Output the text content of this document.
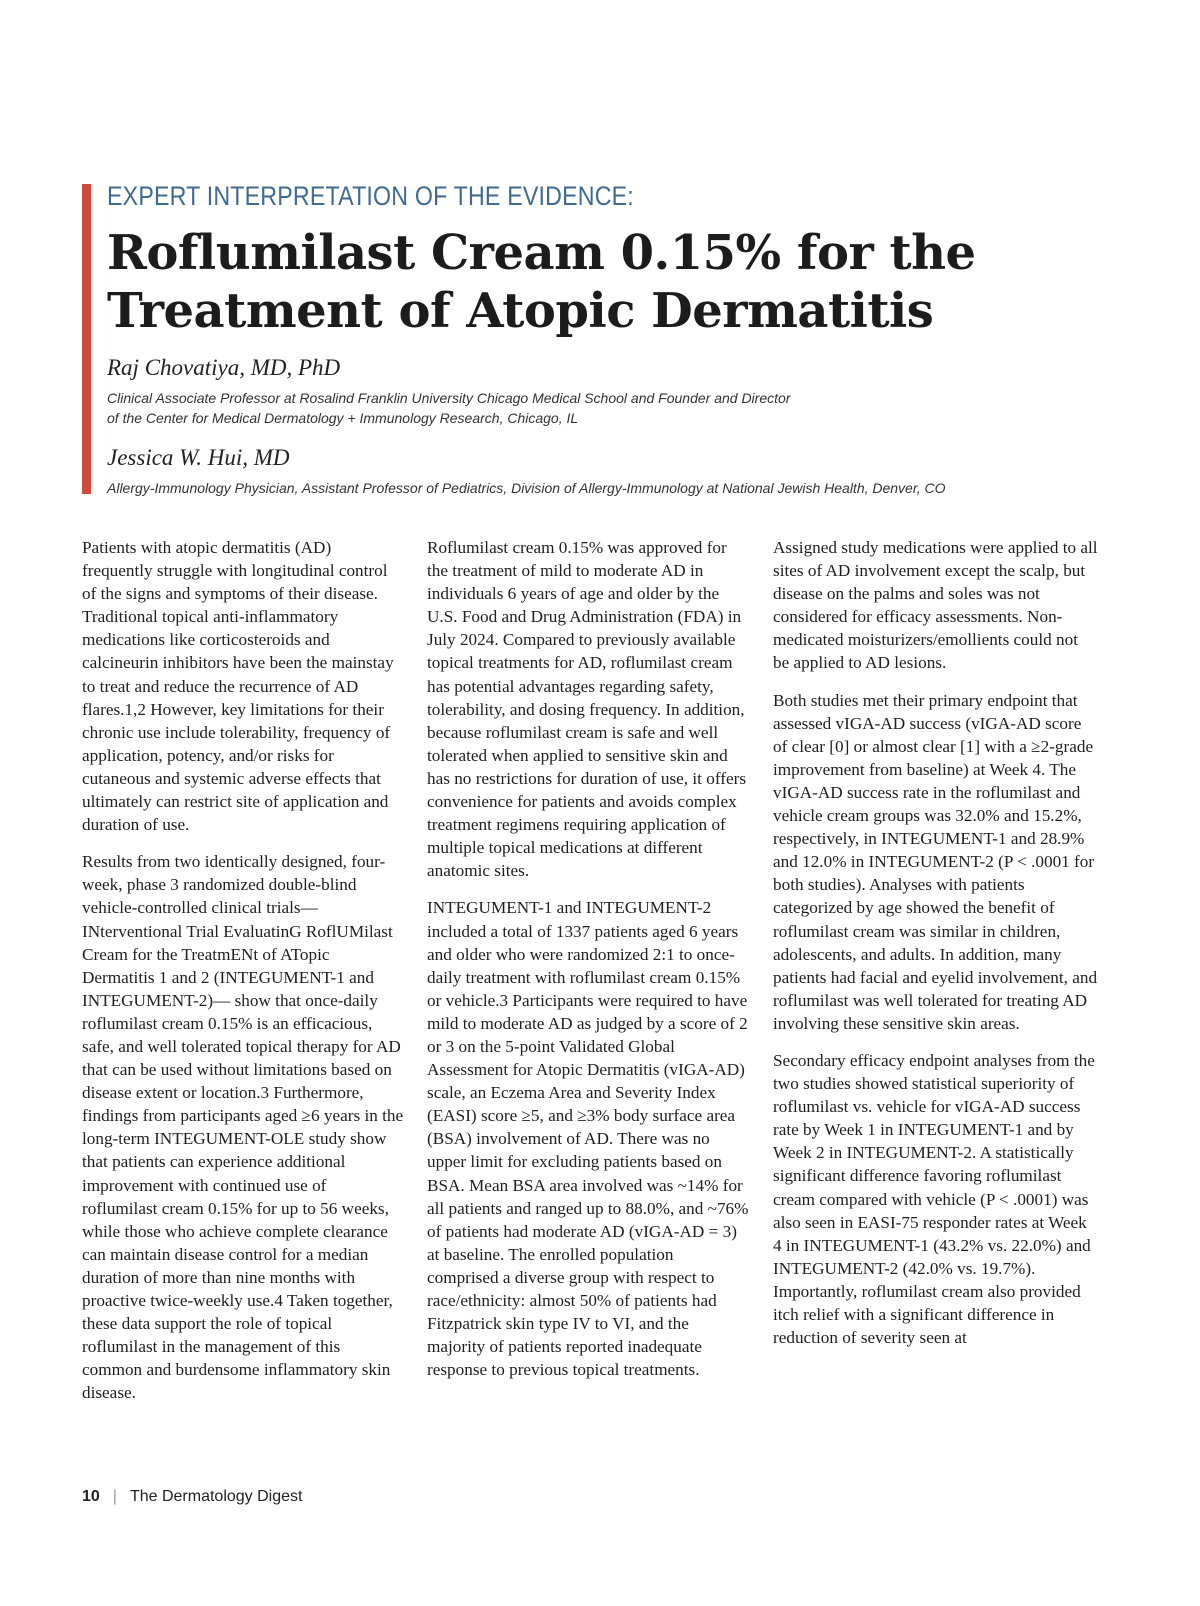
EXPERT INTERPRETATION OF THE EVIDENCE:
Roflumilast Cream 0.15% for the
Treatment of Atopic Dermatitis
Raj Chovatiya, MD, PhD
Clinical Associate Professor at Rosalind Franklin University Chicago Medical School and Founder and Director
of the Center for Medical Dermatology + Immunology Research, Chicago, IL
Jessica W. Hui, MD
Allergy-Immunology Physician, Assistant Professor of Pediatrics, Division of Allergy-Immunology at National Jewish Health, Denver, CO

Patients with atopic dermatitis (AD) frequently struggle with longitudinal control of the signs and symptoms of their disease. Traditional topical anti-inflammatory medications like corticosteroids and calcineurin inhibitors have been the mainstay to treat and reduce the recurrence of AD flares.1,2 However, key limitations for their chronic use include tolerability, frequency of application, potency, and/or risks for cutaneous and systemic adverse effects that ultimately can restrict site of application and duration of use.

Results from two identically designed, four-week, phase 3 randomized double-blind vehicle-controlled clinical trials—INterventional Trial EvaluatinG RoflUMilast Cream for the TreatmENt of ATopic Dermatitis 1 and 2 (INTEGUMENT-1 and INTEGUMENT-2)— show that once-daily roflumilast cream 0.15% is an efficacious, safe, and well tolerated topical therapy for AD that can be used without limitations based on disease extent or location.3 Furthermore, findings from participants aged ≥6 years in the long-term INTEGUMENT-OLE study show that patients can experience additional improvement with continued use of roflumilast cream 0.15% for up to 56 weeks, while those who achieve complete clearance can maintain disease control for a median duration of more than nine months with proactive twice-weekly use.4 Taken together, these data support the role of topical roflumilast in the management of this common and burdensome inflammatory skin disease.

Roflumilast cream 0.15% was approved for the treatment of mild to moderate AD in individuals 6 years of age and older by the U.S. Food and Drug Administration (FDA) in July 2024. Compared to previously available topical treatments for AD, roflumilast cream has potential advantages regarding safety, tolerability, and dosing frequency. In addition, because roflumilast cream is safe and well tolerated when applied to sensitive skin and has no restrictions for duration of use, it offers convenience for patients and avoids complex treatment regimens requiring application of multiple topical medications at different anatomic sites.

INTEGUMENT-1 and INTEGUMENT-2 included a total of 1337 patients aged 6 years and older who were randomized 2:1 to once-daily treatment with roflumilast cream 0.15% or vehicle.3 Participants were required to have mild to moderate AD as judged by a score of 2 or 3 on the 5-point Validated Global Assessment for Atopic Dermatitis (vIGA-AD) scale, an Eczema Area and Severity Index (EASI) score ≥5, and ≥3% body surface area (BSA) involvement of AD. There was no upper limit for excluding patients based on BSA. Mean BSA area involved was ~14% for all patients and ranged up to 88.0%, and ~76% of patients had moderate AD (vIGA-AD = 3) at baseline. The enrolled population comprised a diverse group with respect to race/ethnicity: almost 50% of patients had Fitzpatrick skin type IV to VI, and the majority of patients reported inadequate response to previous topical treatments.

Assigned study medications were applied to all sites of AD involvement except the scalp, but disease on the palms and soles was not considered for efficacy assessments. Non-medicated moisturizers/emollients could not be applied to AD lesions.

Both studies met their primary endpoint that assessed vIGA-AD success (vIGA-AD score of clear [0] or almost clear [1] with a ≥2-grade improvement from baseline) at Week 4. The vIGA-AD success rate in the roflumilast and vehicle cream groups was 32.0% and 15.2%, respectively, in INTEGUMENT-1 and 28.9% and 12.0% in INTEGUMENT-2 (P < .0001 for both studies). Analyses with patients categorized by age showed the benefit of roflumilast cream was similar in children, adolescents, and adults. In addition, many patients had facial and eyelid involvement, and roflumilast was well tolerated for treating AD involving these sensitive skin areas.

Secondary efficacy endpoint analyses from the two studies showed statistical superiority of roflumilast vs. vehicle for vIGA-AD success rate by Week 1 in INTEGUMENT-1 and by Week 2 in INTEGUMENT-2. A statistically significant difference favoring roflumilast cream compared with vehicle (P < .0001) was also seen in EASI-75 responder rates at Week 4 in INTEGUMENT-1 (43.2% vs. 22.0%) and INTEGUMENT-2 (42.0% vs. 19.7%). Importantly, roflumilast cream also provided itch relief with a significant difference in reduction of severity seen at

10 | The Dermatology Digest
